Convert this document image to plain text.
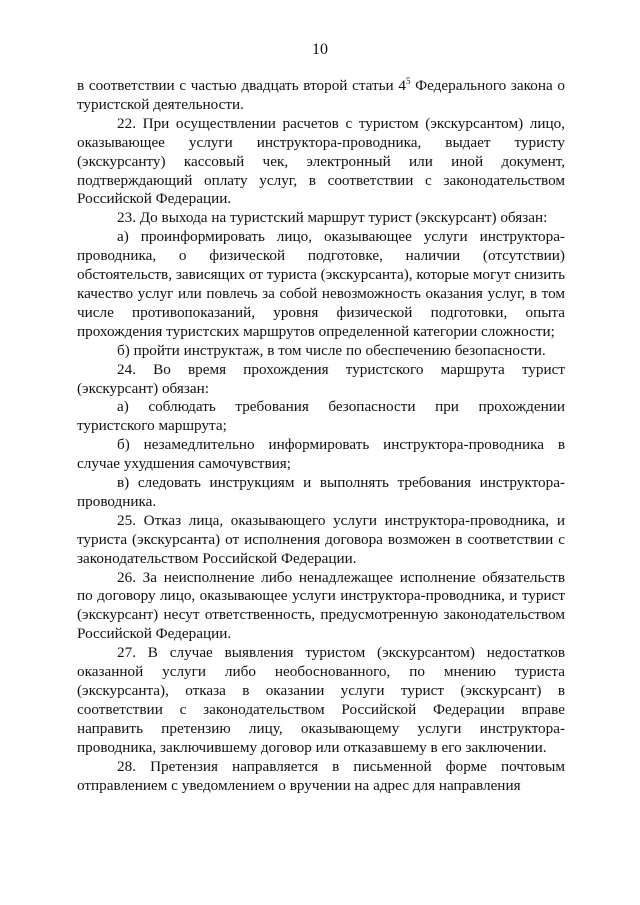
10

в соответствии с частью двадцать второй статьи $4^5$ Федерального закона о туристской деятельности.

22. При осуществлении расчетов с туристом (экскурсантом) лицо, оказывающее услуги инструктора-проводника, выдает туристу (экскурсанту) кассовый чек, электронный или иной документ, подтверждающий оплату услуг, в соответствии с законодательством Российской Федерации.

23. До выхода на туристский маршрут турист (экскурсант) обязан:

а) проинформировать лицо, оказывающее услуги инструктора-проводника, о физической подготовке, наличии (отсутствии) обстоятельств, зависящих от туриста (экскурсанта), которые могут снизить качество услуг или повлечь за собой невозможность оказания услуг, в том числе противопоказаний, уровня физической подготовки, опыта прохождения туристских маршрутов определенной категории сложности;

б) пройти инструктаж, в том числе по обеспечению безопасности.

24. Во время прохождения туристского маршрута турист (экскурсант) обязан:

а) соблюдать требования безопасности при прохождении туристского маршрута;

б) незамедлительно информировать инструктора-проводника в случае ухудшения самочувствия;

в) следовать инструкциям и выполнять требования инструктора-проводника.

25. Отказ лица, оказывающего услуги инструктора-проводника, и туриста (экскурсанта) от исполнения договора возможен в соответствии с законодательством Российской Федерации.

26. За неисполнение либо ненадлежащее исполнение обязательств по договору лицо, оказывающее услуги инструктора-проводника, и турист (экскурсант) несут ответственность, предусмотренную законодательством Российской Федерации.

27. В случае выявления туристом (экскурсантом) недостатков оказанной услуги либо необоснованного, по мнению туриста (экскурсанта), отказа в оказании услуги турист (экскурсант) в соответствии с законодательством Российской Федерации вправе направить претензию лицу, оказывающему услуги инструктора-проводника, заключившему договор или отказавшему в его заключении.

28. Претензия направляется в письменной форме почтовым отправлением с уведомлением о вручении на адрес для направления
